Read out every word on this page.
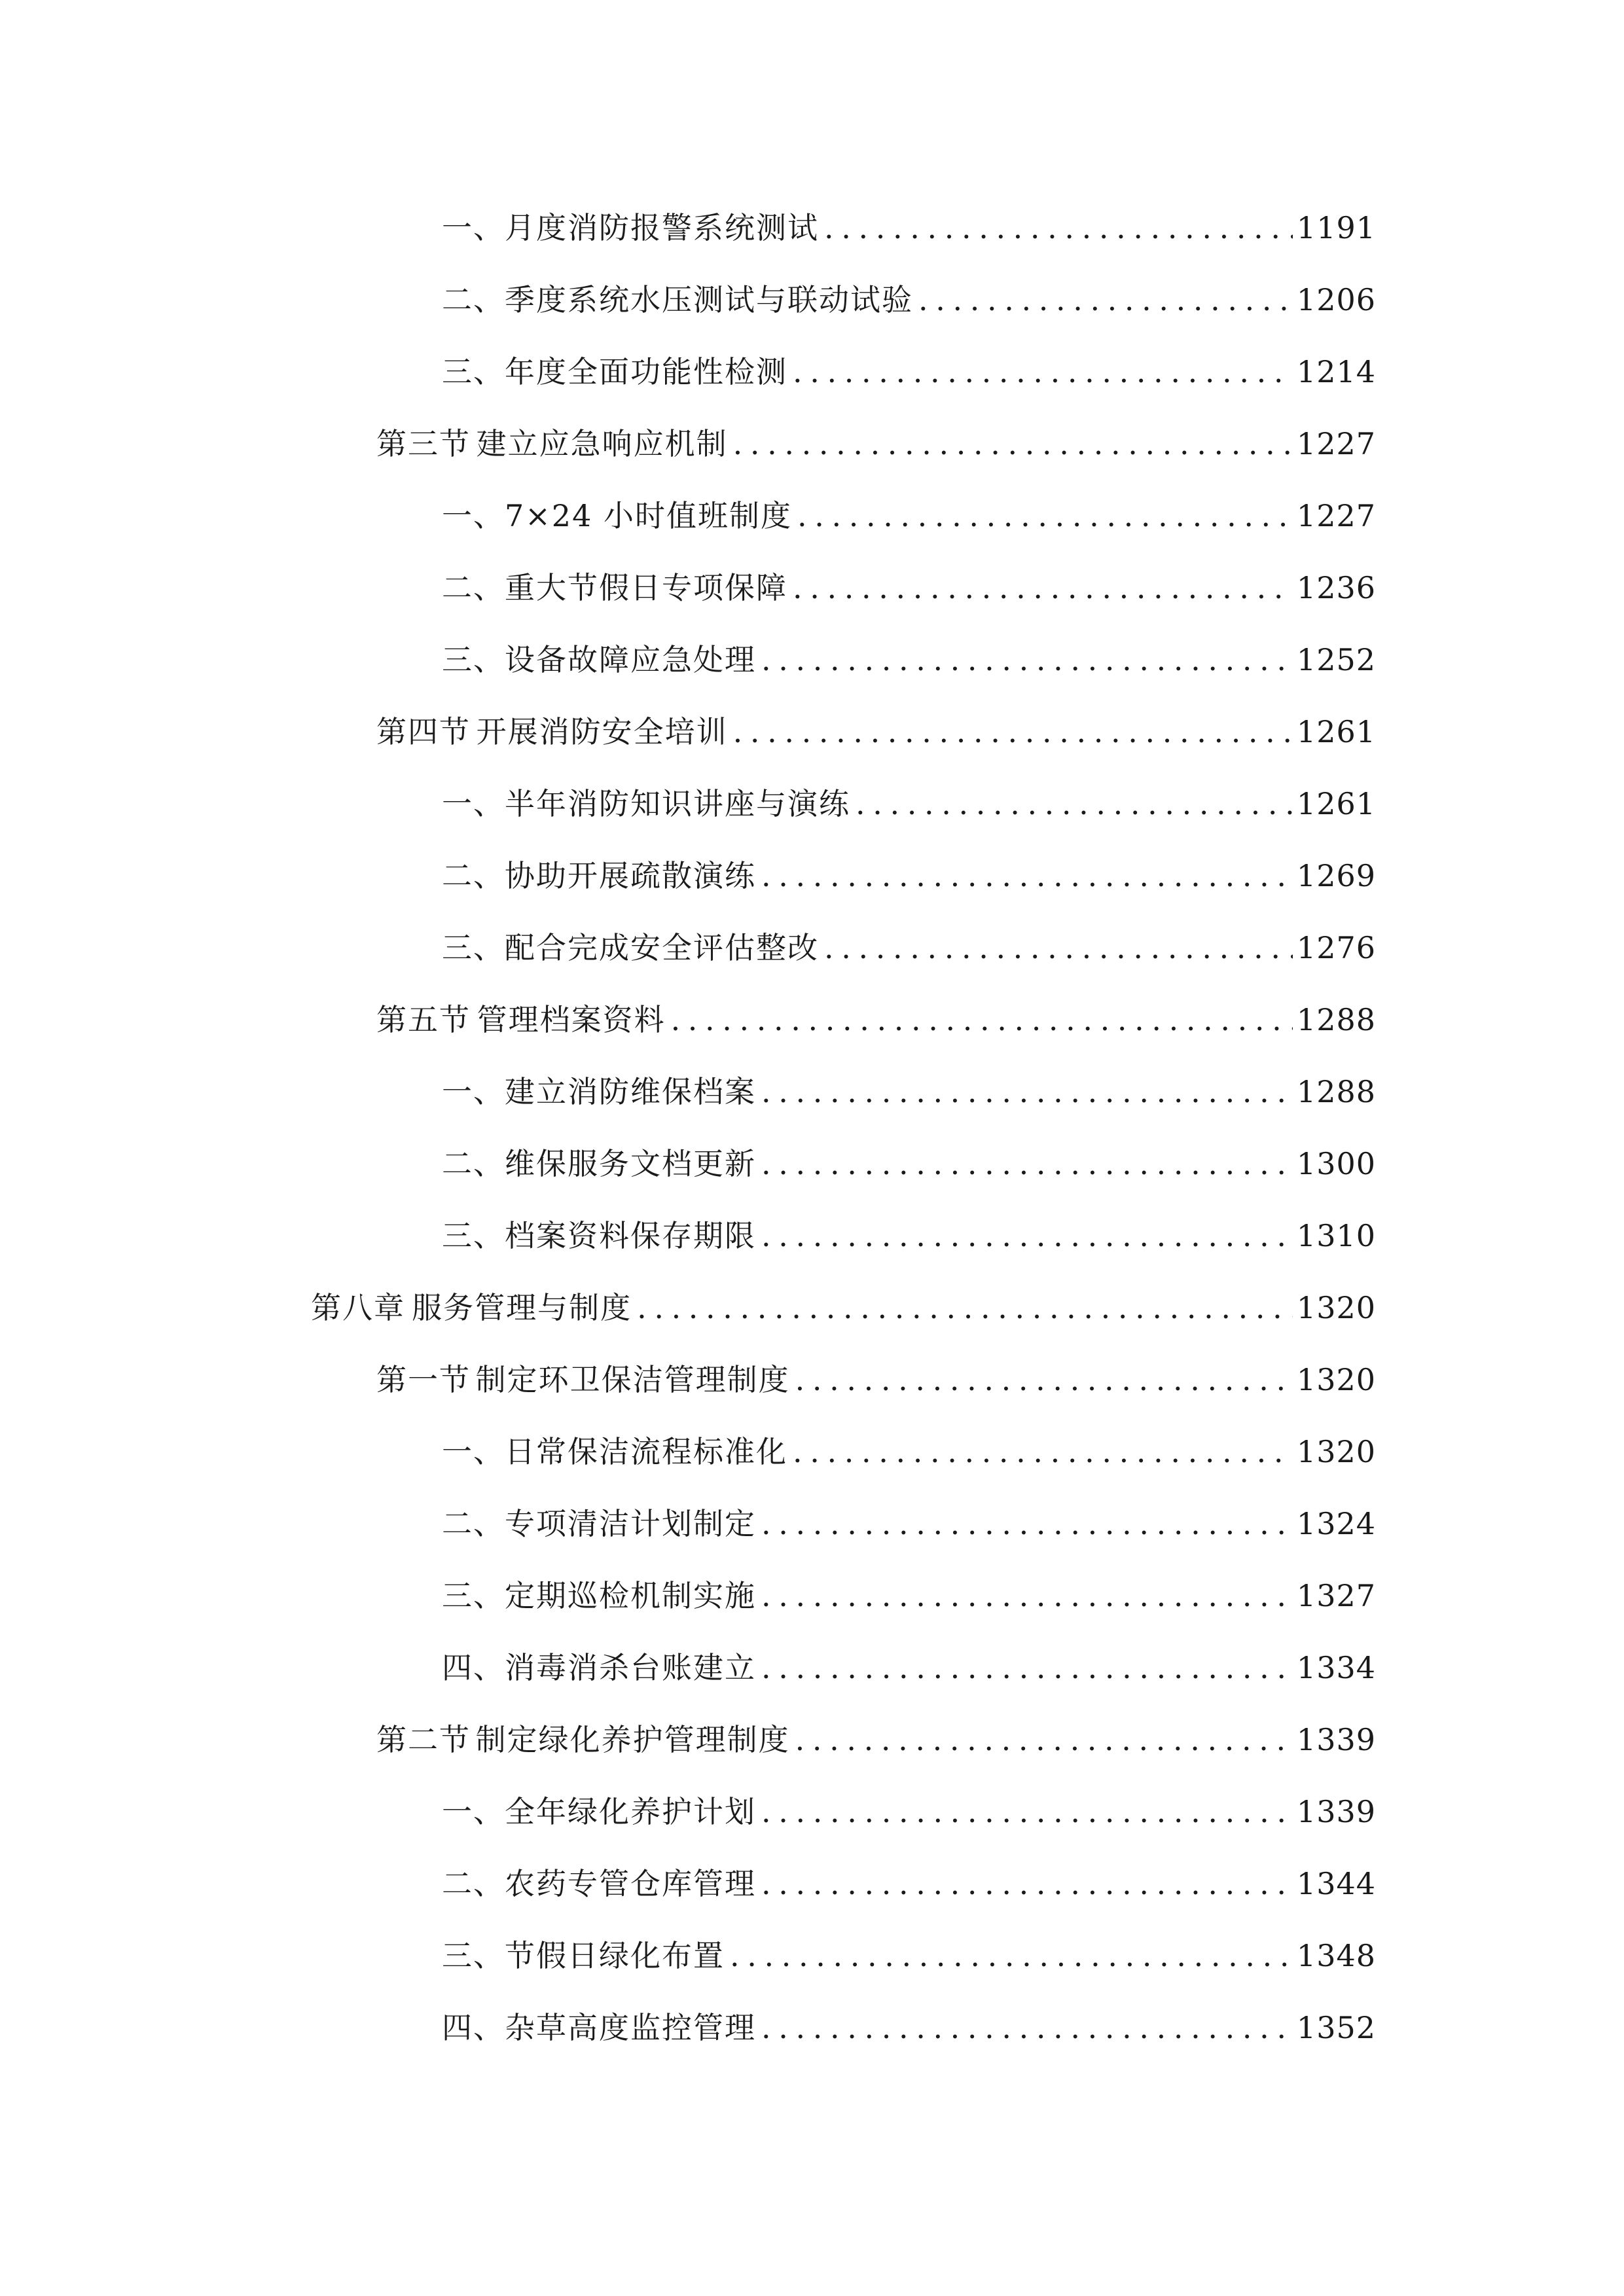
一、 月度消防报警系统测试 . . .	1191
二、 季度系统水压测试与联动试验 . . .	1206
三、 年度全面功能性检测 . . .	1214
第三节 建立应急响应机制 . . .	1227
一、 7×24 小时值班制度 . . .	1227
二、 重大节假日专项保障 . . .	1236
三、 设备故障应急处理 . . .	1252
第四节 开展消防安全培训 . . .	1261
一、 半年消防知识讲座与演练 . . .	1261
二、 协助开展疏散演练 . . .	1269
三、 配合完成安全评估整改 . . .	1276
第五节 管理档案资料 . . .	1288
一、 建立消防维保档案 . . .	1288
二、 维保服务文档更新 . . .	1300
三、 档案资料保存期限 . . .	1310
第八章 服务管理与制度 . . .	1320
第一节 制定环卫保洁管理制度 . . .	1320
一、 日常保洁流程标准化 . . .	1320
二、 专项清洁计划制定 . . .	1324
三、 定期巡检机制实施 . . .	1327
四、 消毒消杀台账建立 . . .	1334
第二节 制定绿化养护管理制度 . . .	1339
一、 全年绿化养护计划 . . .	1339
二、 农药专管仓库管理 . . .	1344
三、 节假日绿化布置 . . .	1348
四、 杂草高度监控管理 . . .	1352
